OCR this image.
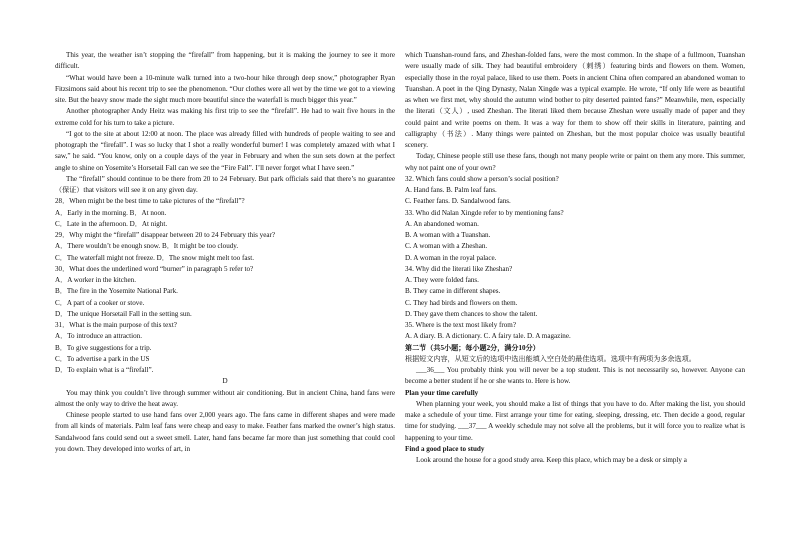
This year, the weather isn’t stopping the “firefall” from happening, but it is making the journey to see it more difficult.

“What would have been a 10-minute walk turned into a two-hour hike through deep snow,” photographer Ryan Fitzsimons said about his recent trip to see the phenomenon. “Our clothes were all wet by the time we got to a viewing site. But the heavy snow made the sight much more beautiful since the waterfall is much bigger this year.”

Another photographer Andy Heitz was making his first trip to see the “firefall”. He had to wait five hours in the extreme cold for his turn to take a picture.

“I got to the site at about 12:00 at noon. The place was already filled with hundreds of people waiting to see and photograph the “firefall”. I was so lucky that I shot a really wonderful burner! I was completely amazed with what I saw,” he said. “You know, only on a couple days of the year in February and when the sun sets down at the perfect angle to shine on Yosemite’s Horsetail Fall can we see the “Fire Fall”. I’ll never forget what I have seen.”

The “firefall” should continue to be there from 20 to 24 February. But park officials said that there’s no guarantee（保证）that visitors will see it on any given day.

28．When might be the best time to take pictures of the “firefall”?

A．Early in the morning. B．At noon.

C．Late in the afternoon. D．At night.

29．Why might the “firefall” disappear between 20 to 24 February this year?

A．There wouldn’t be enough snow. B．It might be too cloudy.

C．The waterfall might not freeze. D．The snow might melt too fast.

30．What does the underlined word “burner” in paragraph 5 refer to?

A．A worker in the kitchen.

B．The fire in the Yosemite National Park.

C．A part of a cooker or stove.

D．The unique Horsetail Fall in the setting sun.

31．What is the main purpose of this text?

A．To introduce an attraction.

B．To give suggestions for a trip.

C．To advertise a park in the US

D．To explain what is a “firefall”.

D

You may think you couldn’t live through summer without air conditioning. But in ancient China, hand fans were almost the only way to drive the heat away.

Chinese people started to use hand fans over 2,000 years ago. The fans came in different shapes and were made from all kinds of materials. Palm leaf fans were cheap and easy to make. Feather fans marked the owner’s high status. Sandalwood fans could send out a sweet smell. Later, hand fans became far more than just something that could cool you down. They developed into works of art, in

which Tuanshan-round fans, and Zheshan-folded fans, were the most common. In the shape of a fullmoon, Tuanshan were usually made of silk. They had beautiful embroidery（刺绣）featuring birds and flowers on them. Women, especially those in the royal palace, liked to use them. Poets in ancient China often compared an abandoned woman to Tuanshan. A poet in the Qing Dynasty, Nalan Xingde was a typical example. He wrote, “If only life were as beautiful as when we first met, why should the autumn wind bother to pity deserted painted fans?” Meanwhile, men, especially the literati（文人）, used Zheshan. The literati liked them because Zheshan were usually made of paper and they could paint and write poems on them. It was a way for them to show off their skills in literature, painting and calligraphy（书法）. Many things were painted on Zheshan, but the most popular choice was usually beautiful scenery.

Today, Chinese people still use these fans, though not many people write or paint on them any more. This summer, why not paint one of your own?

32. Which fans could show a person’s social position?

A. Hand fans. B. Palm leaf fans.

C. Feather fans. D. Sandalwood fans.

33. Who did Nalan Xingde refer to by mentioning fans?

A. An abandoned woman.

B. A woman with a Tuanshan.

C. A woman with a Zheshan.

D. A woman in the royal palace.

34. Why did the literati like Zheshan?

A. They were folded fans.

B. They came in different shapes.

C. They had birds and flowers on them.

D. They gave them chances to show the talent.

35. Where is the text most likely from?

A. A diary. B. A dictionary. C. A fairy tale. D. A magazine.

第二节（共5小题；每小题2分，满分10分）

根据短文内容，从短文后的选项中选出能填入空白处的最佳选项。选项中有两项为多余选项。

___36___ You probably think you will never be a top student. This is not necessarily so, however. Anyone can become a better student if he or she wants to. Here is how.

Plan your time carefully

When planning your week, you should make a list of things that you have to do. After making the list, you should make a schedule of your time. First arrange your time for eating, sleeping, dressing, etc. Then decide a good, regular time for studying. ___37___ A weekly schedule may not solve all the problems, but it will force you to realize what is happening to your time.

Find a good place to study

Look around the house for a good study area. Keep this place, which may be a desk or simply a
